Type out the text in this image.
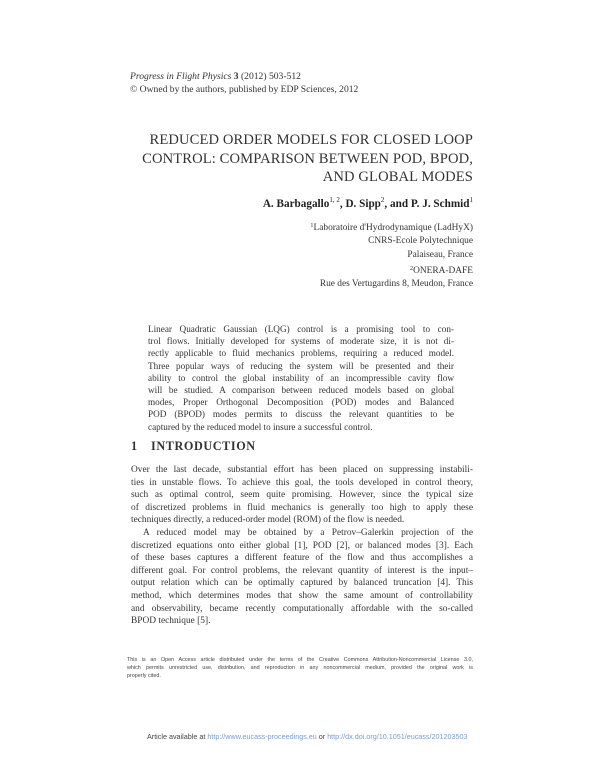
Progress in Flight Physics 3 (2012) 503-512
© Owned by the authors, published by EDP Sciences, 2012
REDUCED ORDER MODELS FOR CLOSED LOOP
CONTROL: COMPARISON BETWEEN POD, BPOD,
AND GLOBAL MODES
A. Barbagallo$^{1, 2}$, D. Sipp$^2$, and P. J. Schmid$^1$
$^1$Laboratoire d'Hydrodynamique (LadHyX)
CNRS-Ecole Polytechnique
Palaiseau, France
$^2$ONERA-DAFE
Rue des Vertugardins 8, Meudon, France
Linear Quadratic Gaussian (LQG) control is a promising tool to con-
trol flows. Initially developed for systems of moderate size, it is not di-
rectly applicable to fluid mechanics problems, requiring a reduced model.
Three popular ways of reducing the system will be presented and their
ability to control the global instability of an incompressible cavity flow
will be studied. A comparison between reduced models based on global
modes, Proper Orthogonal Decomposition (POD) modes and Balanced
POD (BPOD) modes permits to discuss the relevant quantities to be
captured by the reduced model to insure a successful control.
1 INTRODUCTION
Over the last decade, substantial effort has been placed on suppressing instabili-
ties in unstable flows. To achieve this goal, the tools developed in control theory,
such as optimal control, seem quite promising. However, since the typical size
of discretized problems in fluid mechanics is generally too high to apply these
techniques directly, a reduced-order model (ROM) of the flow is needed.
A reduced model may be obtained by a Petrov–Galerkin projection of the
discretized equations onto either global [1], POD [2], or balanced modes [3]. Each
of these bases captures a different feature of the flow and thus accomplishes a
different goal. For control problems, the relevant quantity of interest is the input–
output relation which can be optimally captured by balanced truncation [4]. This
method, which determines modes that show the same amount of controllability
and observability, became recently computationally affordable with the so-called
BPOD technique [5].
This is an Open Access article distributed under the terms of the Creative Commons Attribution-Noncommercial License 3.0,
which permits unrestricted use, distribution, and reproduction in any noncommercial medium, provided the original work is
properly cited.
Article available at http://www.eucass-proceedings.eu or http://dx.doi.org/10.1051/eucass/201203503
